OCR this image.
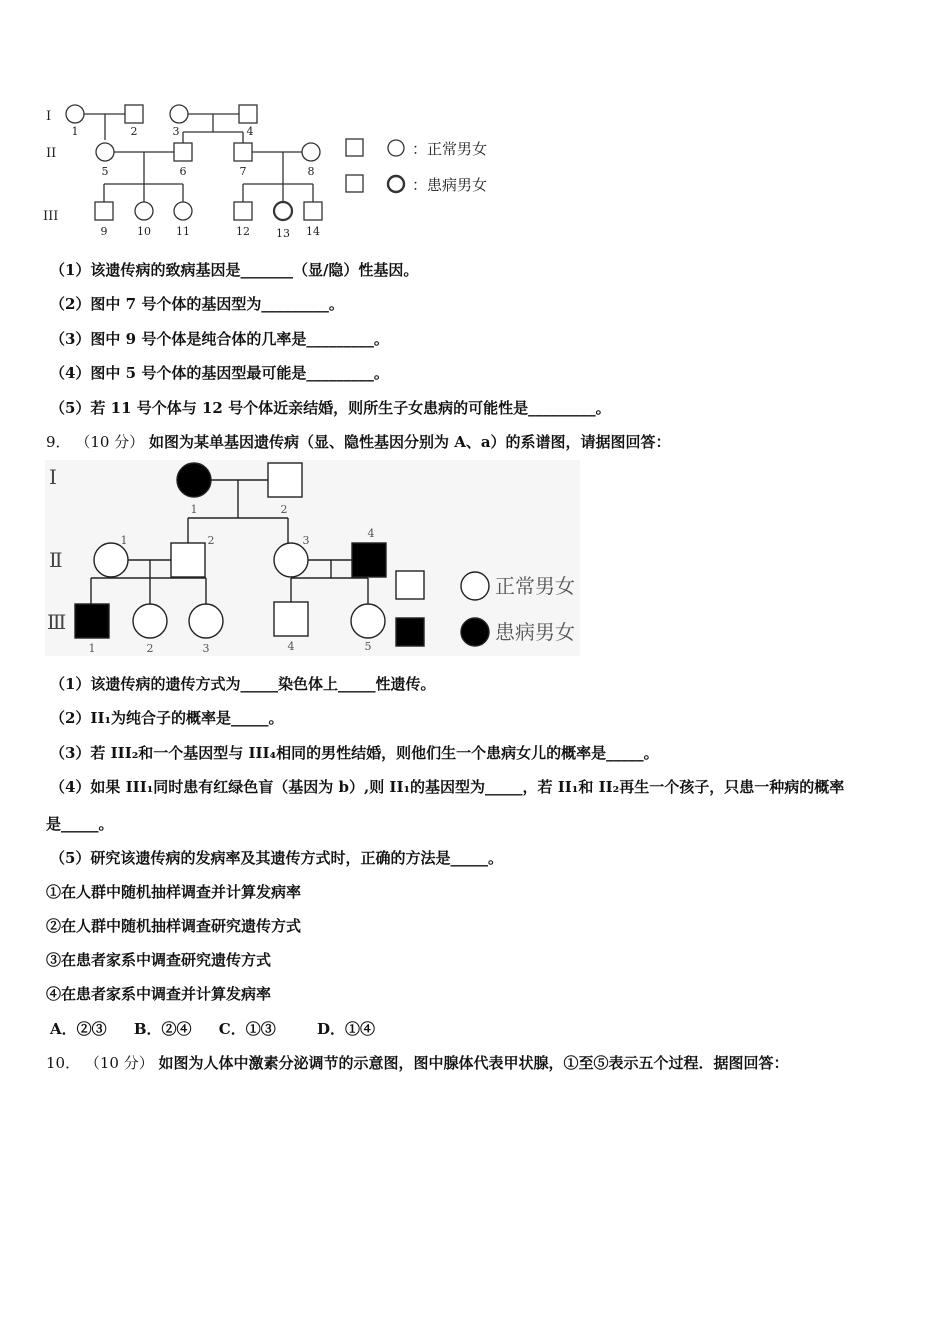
I
II
III
1	2	3	4
5	6	7	8
9	10 11	12 13 14
：正常男女
：患病男女
（1）该遗传病的致病基因是_______（显/隐）性基因。
（2）图中 7 号个体的基因型为_________。
（3）图中 9 号个体是纯合体的几率是_________。
（4）图中 5 号个体的基因型最可能是_________。
（5）若 11 号个体与 12 号个体近亲结婚，则所生子女患病的可能性是_________。
9． （10 分） 如图为某单基因遗传病（显、隐性基因分别为 A、a）的系谱图，请据图回答：
Ⅰ
Ⅱ
Ⅲ
1	2
1	2	3
4
1	2	3	4	5
正常男女
患病男女
（1）该遗传病的遗传方式为_____染色体上_____性遗传。
（2）II₁为纯合子的概率是_____。
（3）若 III₂和一个基因型与 III₄相同的男性结婚，则他们生一个患病女儿的概率是_____。
（4）如果 III₁同时患有红绿色盲（基因为 b）,则 II₁的基因型为_____，若 II₁和 II₂再生一个孩子，只患一种病的概率
是_____。
（5）研究该遗传病的发病率及其遗传方式时，正确的方法是_____。
①在人群中随机抽样调查并计算发病率
②在人群中随机抽样调查研究遗传方式
③在患者家系中调查研究遗传方式
④在患者家系中调查并计算发病率
A．②③ B．②④ C．①③	D．①④
10． （10 分） 如图为人体中激素分泌调节的示意图，图中腺体代表甲状腺，①至⑤表示五个过程．据图回答：
